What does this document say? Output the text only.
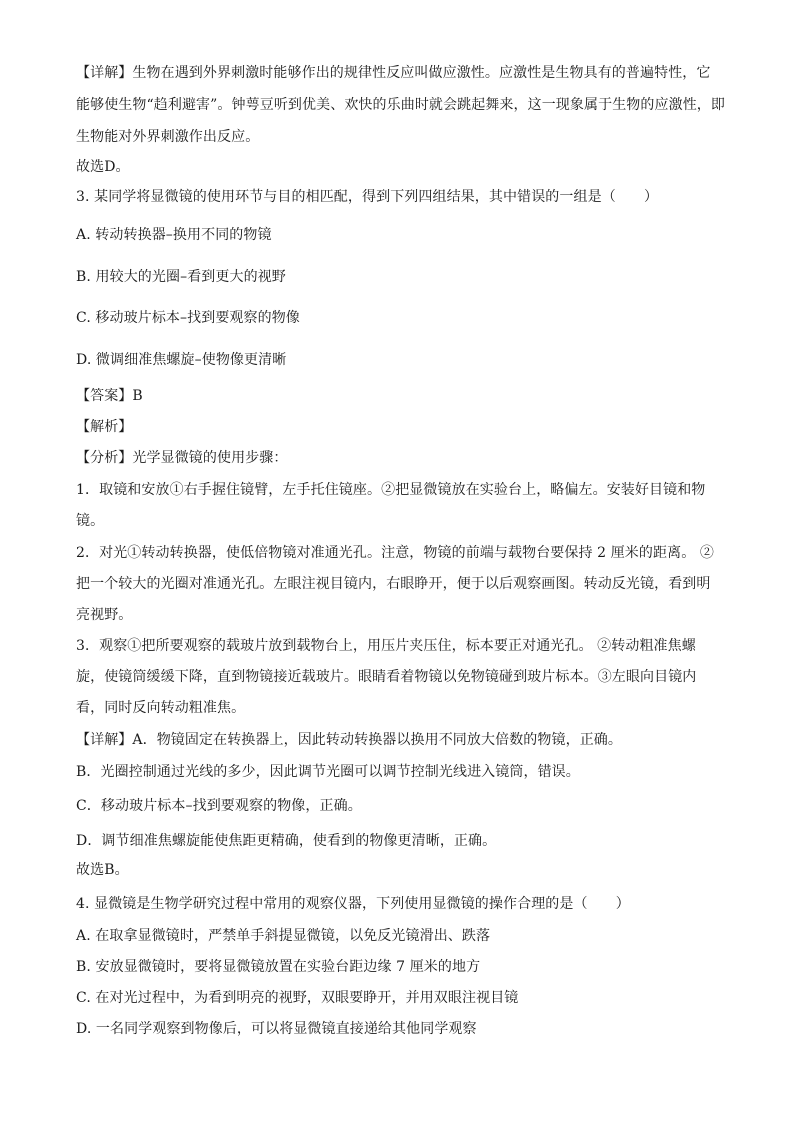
【详解】生物在遇到外界刺激时能够作出的规律性反应叫做应激性。应激性是生物具有的普遍特性，它
能够使生物“趋利避害”。钟萼豆听到优美、欢快的乐曲时就会跳起舞来，这一现象属于生物的应激性，即
生物能对外界刺激作出反应。
故选D。
3. 某同学将显微镜的使用环节与目的相匹配，得到下列四组结果，其中错误的一组是（　　）
A. 转动转换器–换用不同的物镜
B. 用较大的光圈–看到更大的视野
C. 移动玻片标本–找到要观察的物像
D. 微调细准焦螺旋–使物像更清晰
【答案】B
【解析】
【分析】光学显微镜的使用步骤：
1．取镜和安放①右手握住镜臂，左手托住镜座。②把显微镜放在实验台上，略偏左。安装好目镜和物
镜。
2．对光①转动转换器，使低倍物镜对准通光孔。注意，物镜的前端与载物台要保持 2 厘米的距离。 ②
把一个较大的光圈对准通光孔。左眼注视目镜内，右眼睁开，便于以后观察画图。转动反光镜，看到明
亮视野。
3．观察①把所要观察的载玻片放到载物台上，用压片夹压住，标本要正对通光孔。 ②转动粗准焦螺
旋，使镜筒缓缓下降，直到物镜接近载玻片。眼睛看着物镜以免物镜碰到玻片标本。③左眼向目镜内
看，同时反向转动粗准焦。
【详解】A．物镜固定在转换器上，因此转动转换器以换用不同放大倍数的物镜，正确。
B．光圈控制通过光线的多少，因此调节光圈可以调节控制光线进入镜筒，错误。
C．移动玻片标本–找到要观察的物像，正确。
D．调节细准焦螺旋能使焦距更精确，使看到的物像更清晰，正确。
故选B。
4. 显微镜是生物学研究过程中常用的观察仪器，下列使用显微镜的操作合理的是（　　）
A. 在取拿显微镜时，严禁单手斜提显微镜，以免反光镜滑出、跌落
B. 安放显微镜时，要将显微镜放置在实验台距边缘 7 厘米的地方
C. 在对光过程中，为看到明亮的视野，双眼要睁开，并用双眼注视目镜
D. 一名同学观察到物像后，可以将显微镜直接递给其他同学观察
